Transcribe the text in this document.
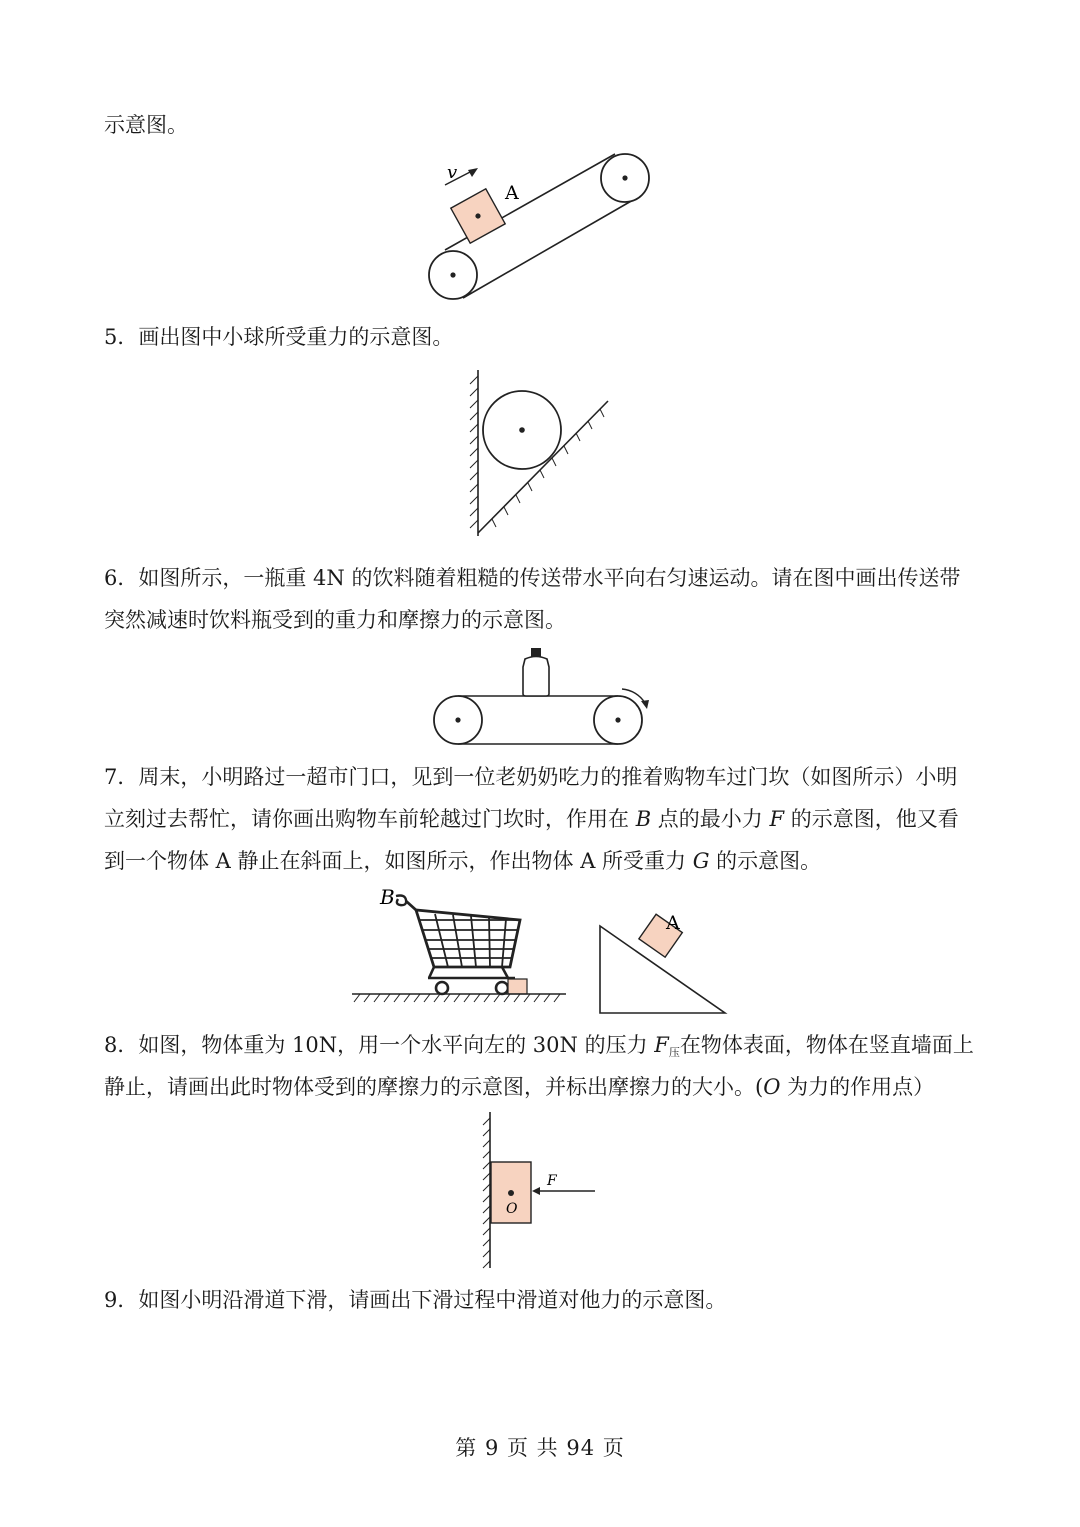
示意图。
A
v
5．画出图中小球所受重力的示意图。
6．如图所示，一瓶重 4N 的饮料随着粗糙的传送带水平向右匀速运动。请在图中画出传送带
突然减速时饮料瓶受到的重力和摩擦力的示意图。
7．周末，小明路过一超市门口，见到一位老奶奶吃力的推着购物车过门坎（如图所示）小明
立刻过去帮忙，请你画出购物车前轮越过门坎时，作用在 B 点的最小力 F 的示意图，他又看
到一个物体 A 静止在斜面上，如图所示，作出物体 A 所受重力 G 的示意图。
B
A
8．如图，物体重为 10N，用一个水平向左的 30N 的压力 $F_压$在物体表面，物体在竖直墙面上
静止，请画出此时物体受到的摩擦力的示意图，并标出摩擦力的大小。(O 为力的作用点）
O
F
9．如图小明沿滑道下滑，请画出下滑过程中滑道对他力的示意图。
第 9 页 共 94 页
